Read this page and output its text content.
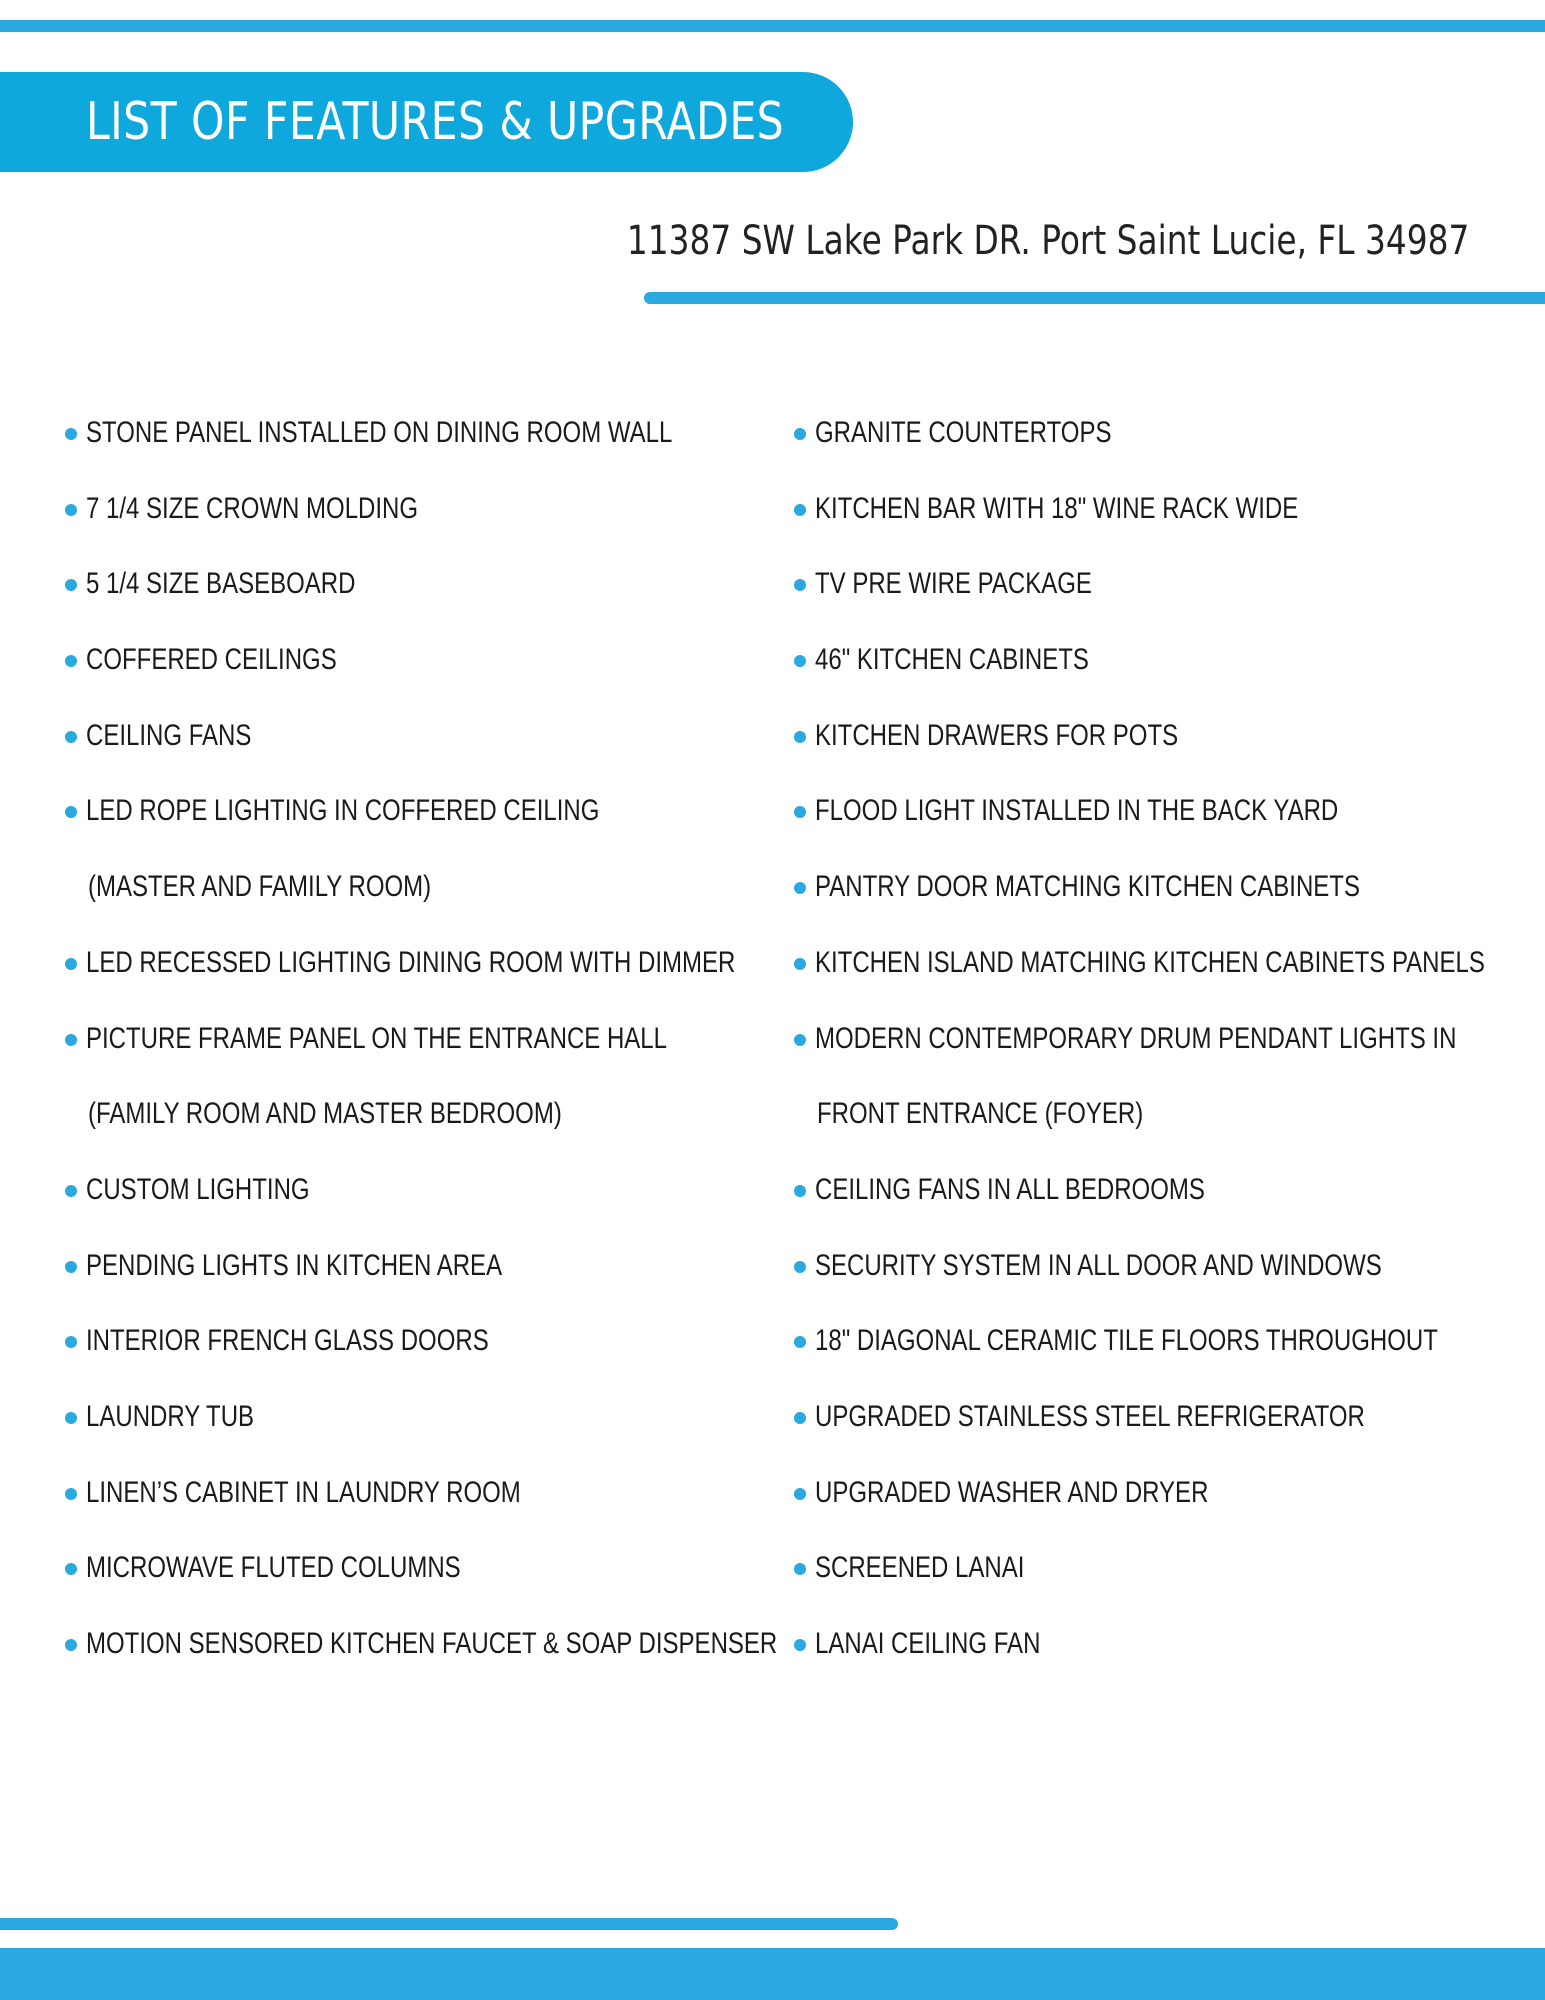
LIST OF FEATURES & UPGRADES
11387 SW Lake Park DR. Port Saint Lucie, FL 34987
STONE PANEL INSTALLED ON DINING ROOM WALL
7 1/4 SIZE CROWN MOLDING
5 1/4 SIZE BASEBOARD
COFFERED CEILINGS
CEILING FANS
LED ROPE LIGHTING IN COFFERED CEILING
(MASTER AND FAMILY ROOM)
LED RECESSED LIGHTING DINING ROOM WITH DIMMER
PICTURE FRAME PANEL ON THE ENTRANCE HALL
(FAMILY ROOM AND MASTER BEDROOM)
CUSTOM LIGHTING
PENDING LIGHTS IN KITCHEN AREA
INTERIOR FRENCH GLASS DOORS
LAUNDRY TUB
LINEN’S CABINET IN LAUNDRY ROOM
MICROWAVE FLUTED COLUMNS
MOTION SENSORED KITCHEN FAUCET & SOAP DISPENSER
GRANITE COUNTERTOPS
KITCHEN BAR WITH 18" WINE RACK WIDE
TV PRE WIRE PACKAGE
46" KITCHEN CABINETS
KITCHEN DRAWERS FOR POTS
FLOOD LIGHT INSTALLED IN THE BACK YARD
PANTRY DOOR MATCHING KITCHEN CABINETS
KITCHEN ISLAND MATCHING KITCHEN CABINETS PANELS
MODERN CONTEMPORARY DRUM PENDANT LIGHTS IN
FRONT ENTRANCE (FOYER)
CEILING FANS IN ALL BEDROOMS
SECURITY SYSTEM IN ALL DOOR AND WINDOWS
18" DIAGONAL CERAMIC TILE FLOORS THROUGHOUT
UPGRADED STAINLESS STEEL REFRIGERATOR
UPGRADED WASHER AND DRYER
SCREENED LANAI
LANAI CEILING FAN
